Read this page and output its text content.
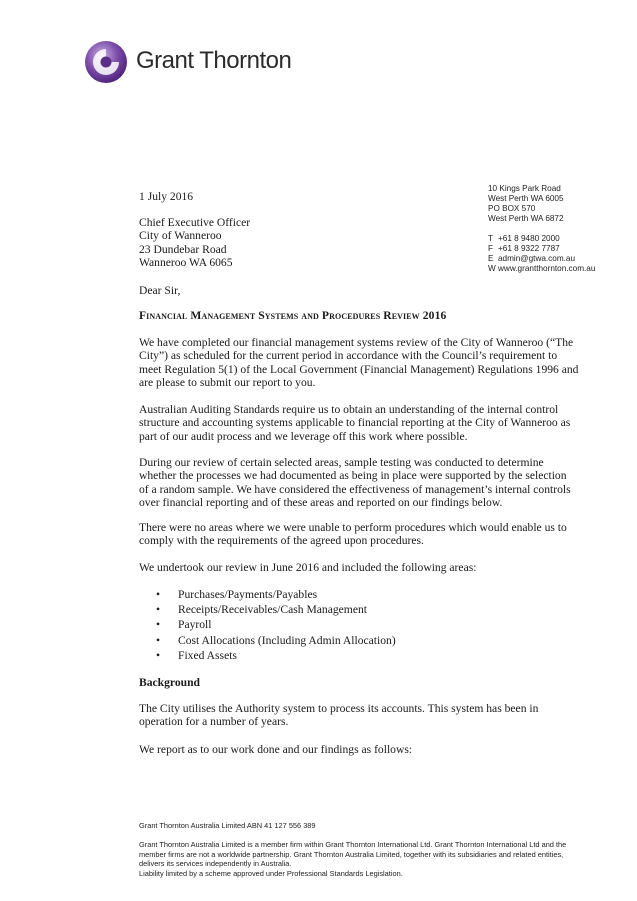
Grant Thornton
10 Kings Park Road
West Perth WA 6005
PO BOX 570
West Perth WA 6872
T +61 8 9480 2000
F +61 8 9322 7787
E admin@gtwa.com.au
W www.grantthornton.com.au
1 July 2016
Chief Executive Officer
City of Wanneroo
23 Dundebar Road
Wanneroo WA 6065
Dear Sir,
Financial Management Systems and Procedures Review 2016

We have completed our financial management systems review of the City of Wanneroo (“The City”) as scheduled for the current period in accordance with the Council’s requirement to meet Regulation 5(1) of the Local Government (Financial Management) Regulations 1996 and are please to submit our report to you.

Australian Auditing Standards require us to obtain an understanding of the internal control structure and accounting systems applicable to financial reporting at the City of Wanneroo as part of our audit process and we leverage off this work where possible.

During our review of certain selected areas, sample testing was conducted to determine whether the processes we had documented as being in place were supported by the selection of a random sample. We have considered the effectiveness of management’s internal controls over financial reporting and of these areas and reported on our findings below.

There were no areas where we were unable to perform procedures which would enable us to comply with the requirements of the agreed upon procedures.

We undertook our review in June 2016 and included the following areas:

• Purchases/Payments/Payables
• Receipts/Receivables/Cash Management
• Payroll
• Cost Allocations (Including Admin Allocation)
• Fixed Assets
Background

The City utilises the Authority system to process its accounts. This system has been in operation for a number of years.

We report as to our work done and our findings as follows:

Grant Thornton Australia Limited ABN 41 127 556 389
Grant Thornton Australia Limited is a member firm within Grant Thornton International Ltd. Grant Thornton International Ltd and the member firms are not a worldwide partnership. Grant Thornton Australia Limited, together with its subsidiaries and related entities, delivers its services independently in Australia.
Liability limited by a scheme approved under Professional Standards Legislation.
